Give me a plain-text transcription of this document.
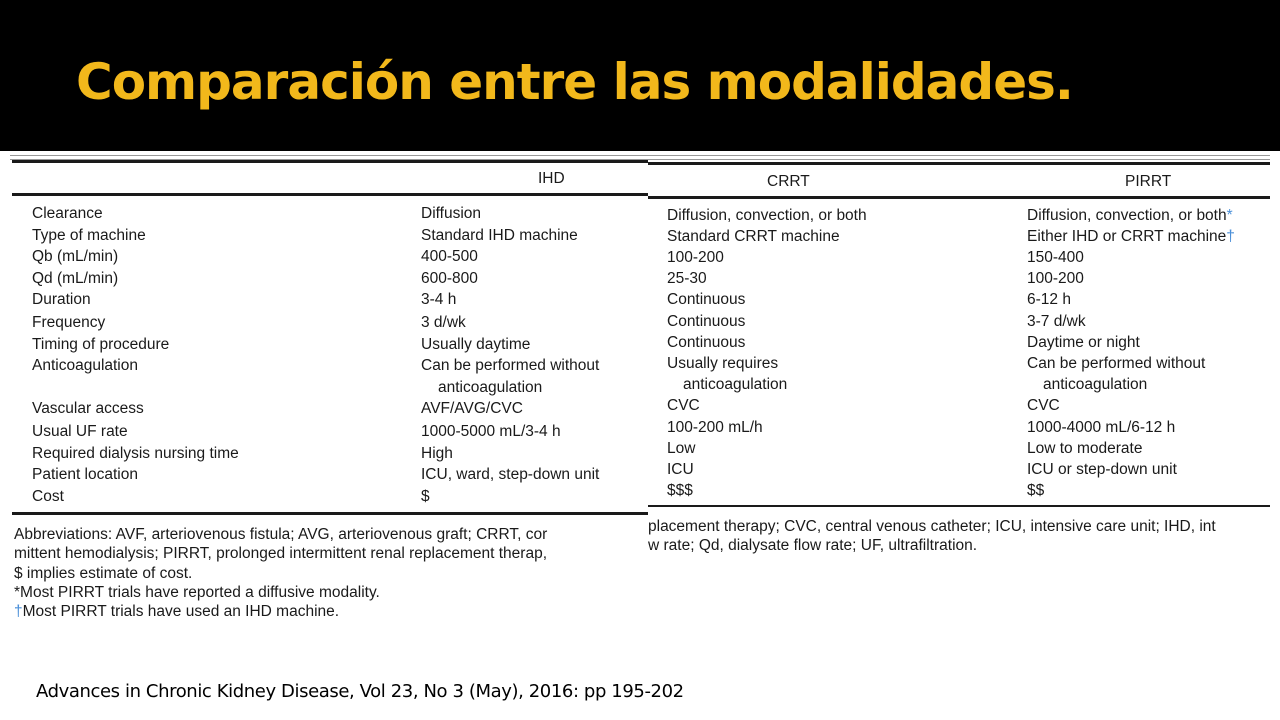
Comparación entre las modalidades.
IHD
Clearance	Diffusion
Type of machine	Standard IHD machine
Qb (mL/min)	400-500
Qd (mL/min)	600-800
Duration	3-4 h
Frequency	3 d/wk
Timing of procedure	Usually daytime
Anticoagulation	Can be performed without
anticoagulation
Vascular access	AVF/AVG/CVC
Usual UF rate	1000-5000 mL/3-4 h
Required dialysis nursing time	High
Patient location	ICU, ward, step-down unit
Cost	$
CRRT	PIRRT
Diffusion, convection, or both	Diffusion, convection, or both*
Standard CRRT machine	Either IHD or CRRT machine†
100-200	150-400
25-30	100-200
Continuous	6-12 h
Continuous	3-7 d/wk
Continuous	Daytime or night
Usually requires	Can be performed without
anticoagulation	anticoagulation
CVC	CVC
100-200 mL/h	1000-4000 mL/6-12 h
Low	Low to moderate
ICU	ICU or step-down unit
$$$	$$
Abbreviations: AVF, arteriovenous fistula; AVG, arteriovenous graft; CRRT, cor
mittent hemodialysis; PIRRT, prolonged intermittent renal replacement therap,
$ implies estimate of cost.
*Most PIRRT trials have reported a diffusive modality.
†Most PIRRT trials have used an IHD machine.
placement therapy; CVC, central venous catheter; ICU, intensive care unit; IHD, int
w rate; Qd, dialysate flow rate; UF, ultrafiltration.
Advances in Chronic Kidney Disease, Vol 23, No 3 (May), 2016: pp 195-202
